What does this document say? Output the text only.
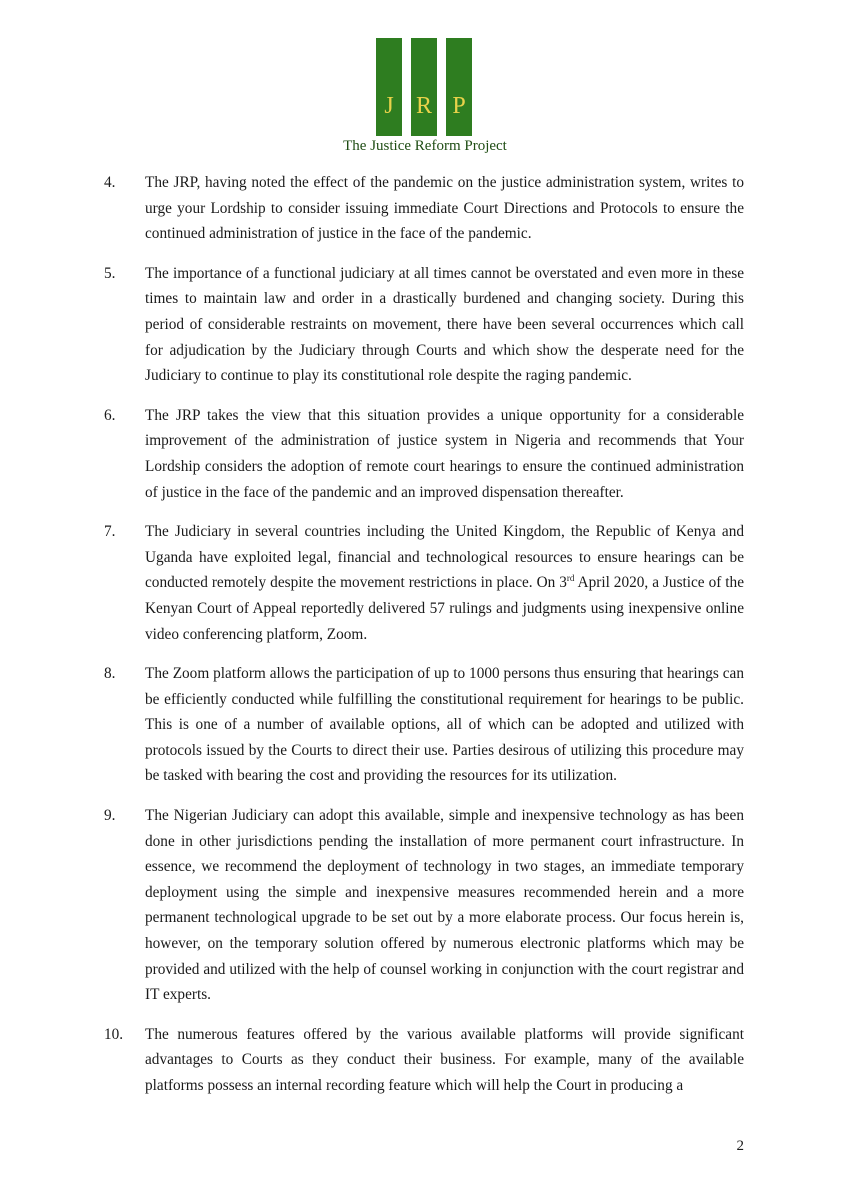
J R P
The Justice Reform Project
4. The JRP, having noted the effect of the pandemic on the justice administration system, writes to urge your Lordship to consider issuing immediate Court Directions and Protocols to ensure the continued administration of justice in the face of the pandemic.
5. The importance of a functional judiciary at all times cannot be overstated and even more in these times to maintain law and order in a drastically burdened and changing society. During this period of considerable restraints on movement, there have been several occurrences which call for adjudication by the Judiciary through Courts and which show the desperate need for the Judiciary to continue to play its constitutional role despite the raging pandemic.
6. The JRP takes the view that this situation provides a unique opportunity for a considerable improvement of the administration of justice system in Nigeria and recommends that Your Lordship considers the adoption of remote court hearings to ensure the continued administration of justice in the face of the pandemic and an improved dispensation thereafter.
7. The Judiciary in several countries including the United Kingdom, the Republic of Kenya and Uganda have exploited legal, financial and technological resources to ensure hearings can be conducted remotely despite the movement restrictions in place. On 3rd April 2020, a Justice of the Kenyan Court of Appeal reportedly delivered 57 rulings and judgments using inexpensive online video conferencing platform, Zoom.
8. The Zoom platform allows the participation of up to 1000 persons thus ensuring that hearings can be efficiently conducted while fulfilling the constitutional requirement for hearings to be public. This is one of a number of available options, all of which can be adopted and utilized with protocols issued by the Courts to direct their use. Parties desirous of utilizing this procedure may be tasked with bearing the cost and providing the resources for its utilization.
9. The Nigerian Judiciary can adopt this available, simple and inexpensive technology as has been done in other jurisdictions pending the installation of more permanent court infrastructure. In essence, we recommend the deployment of technology in two stages, an immediate temporary deployment using the simple and inexpensive measures recommended herein and a more permanent technological upgrade to be set out by a more elaborate process. Our focus herein is, however, on the temporary solution offered by numerous electronic platforms which may be provided and utilized with the help of counsel working in conjunction with the court registrar and IT experts.
10. The numerous features offered by the various available platforms will provide significant advantages to Courts as they conduct their business. For example, many of the available platforms possess an internal recording feature which will help the Court in producing a
2
